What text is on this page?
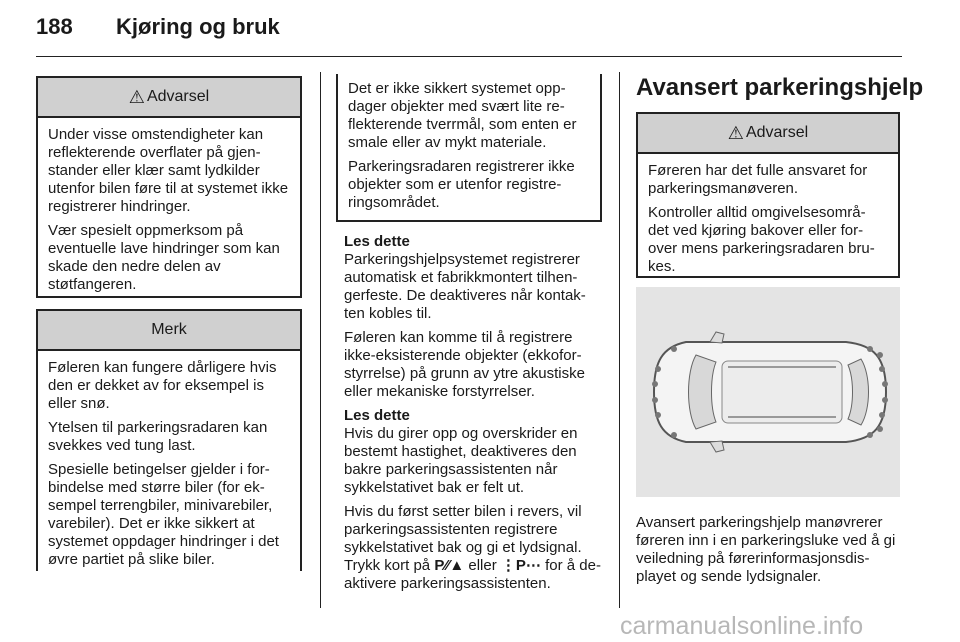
188 Kjøring og bruk
⚠ Advarsel

Under visse omstendigheter kan reflekterende overflater på gjen- stander eller klær samt lydkilder utenfor bilen føre til at systemet ikke registrerer hindringer.

Vær spesielt oppmerksom på eventuelle lave hindringer som kan skade den nedre delen av støtfangeren.

Merk

Føleren kan fungere dårligere hvis den er dekket av for eksempel is eller snø.

Ytelsen til parkeringsradaren kan svekkes ved tung last.

Spesielle betingelser gjelder i for- bindelse med større biler (for ek- sempel terrengbiler, minivarebiler, varebiler). Det er ikke sikkert at systemet oppdager hindringer i det øvre partiet på slike biler.

Det er ikke sikkert systemet opp- dager objekter med svært lite re- flekterende tverrmål, som enten er smale eller av mykt materiale.

Parkeringsradaren registrerer ikke objekter som er utenfor registre- ringsområdet.

Les dette

Parkeringshjelpsystemet registrerer automatisk et fabrikkmontert tilhen- gerfeste. De deaktiveres når kontak- ten kobles til.

Føleren kan komme til å registrere ikke-eksisterende objekter (ekkofor- styrrelse) på grunn av ytre akustiske eller mekaniske forstyrrelser.

Les dette

Hvis du girer opp og overskrider en bestemt hastighet, deaktiveres den bakre parkeringsassistenten når sykkelstativet bak er felt ut.

Hvis du først setter bilen i revers, vil parkeringsassistenten registrere sykkelstativet bak og gi et lydsignal. Trykk kort på P⁄⁄▲ eller ⋮P⋯ for å de- aktivere parkeringsassistenten.

Avansert parkeringshjelp
⚠ Advarsel

Føreren har det fulle ansvaret for parkeringsmanøveren.

Kontroller alltid omgivelsesområ- det ved kjøring bakover eller for- over mens parkeringsradaren bru- kes.

Avansert parkeringshjelp manøvrerer føreren inn i en parkeringsluke ved å gi veiledning på førerinformasjonsdis- playet og sende lydsignaler.
carmanualsonline.info
